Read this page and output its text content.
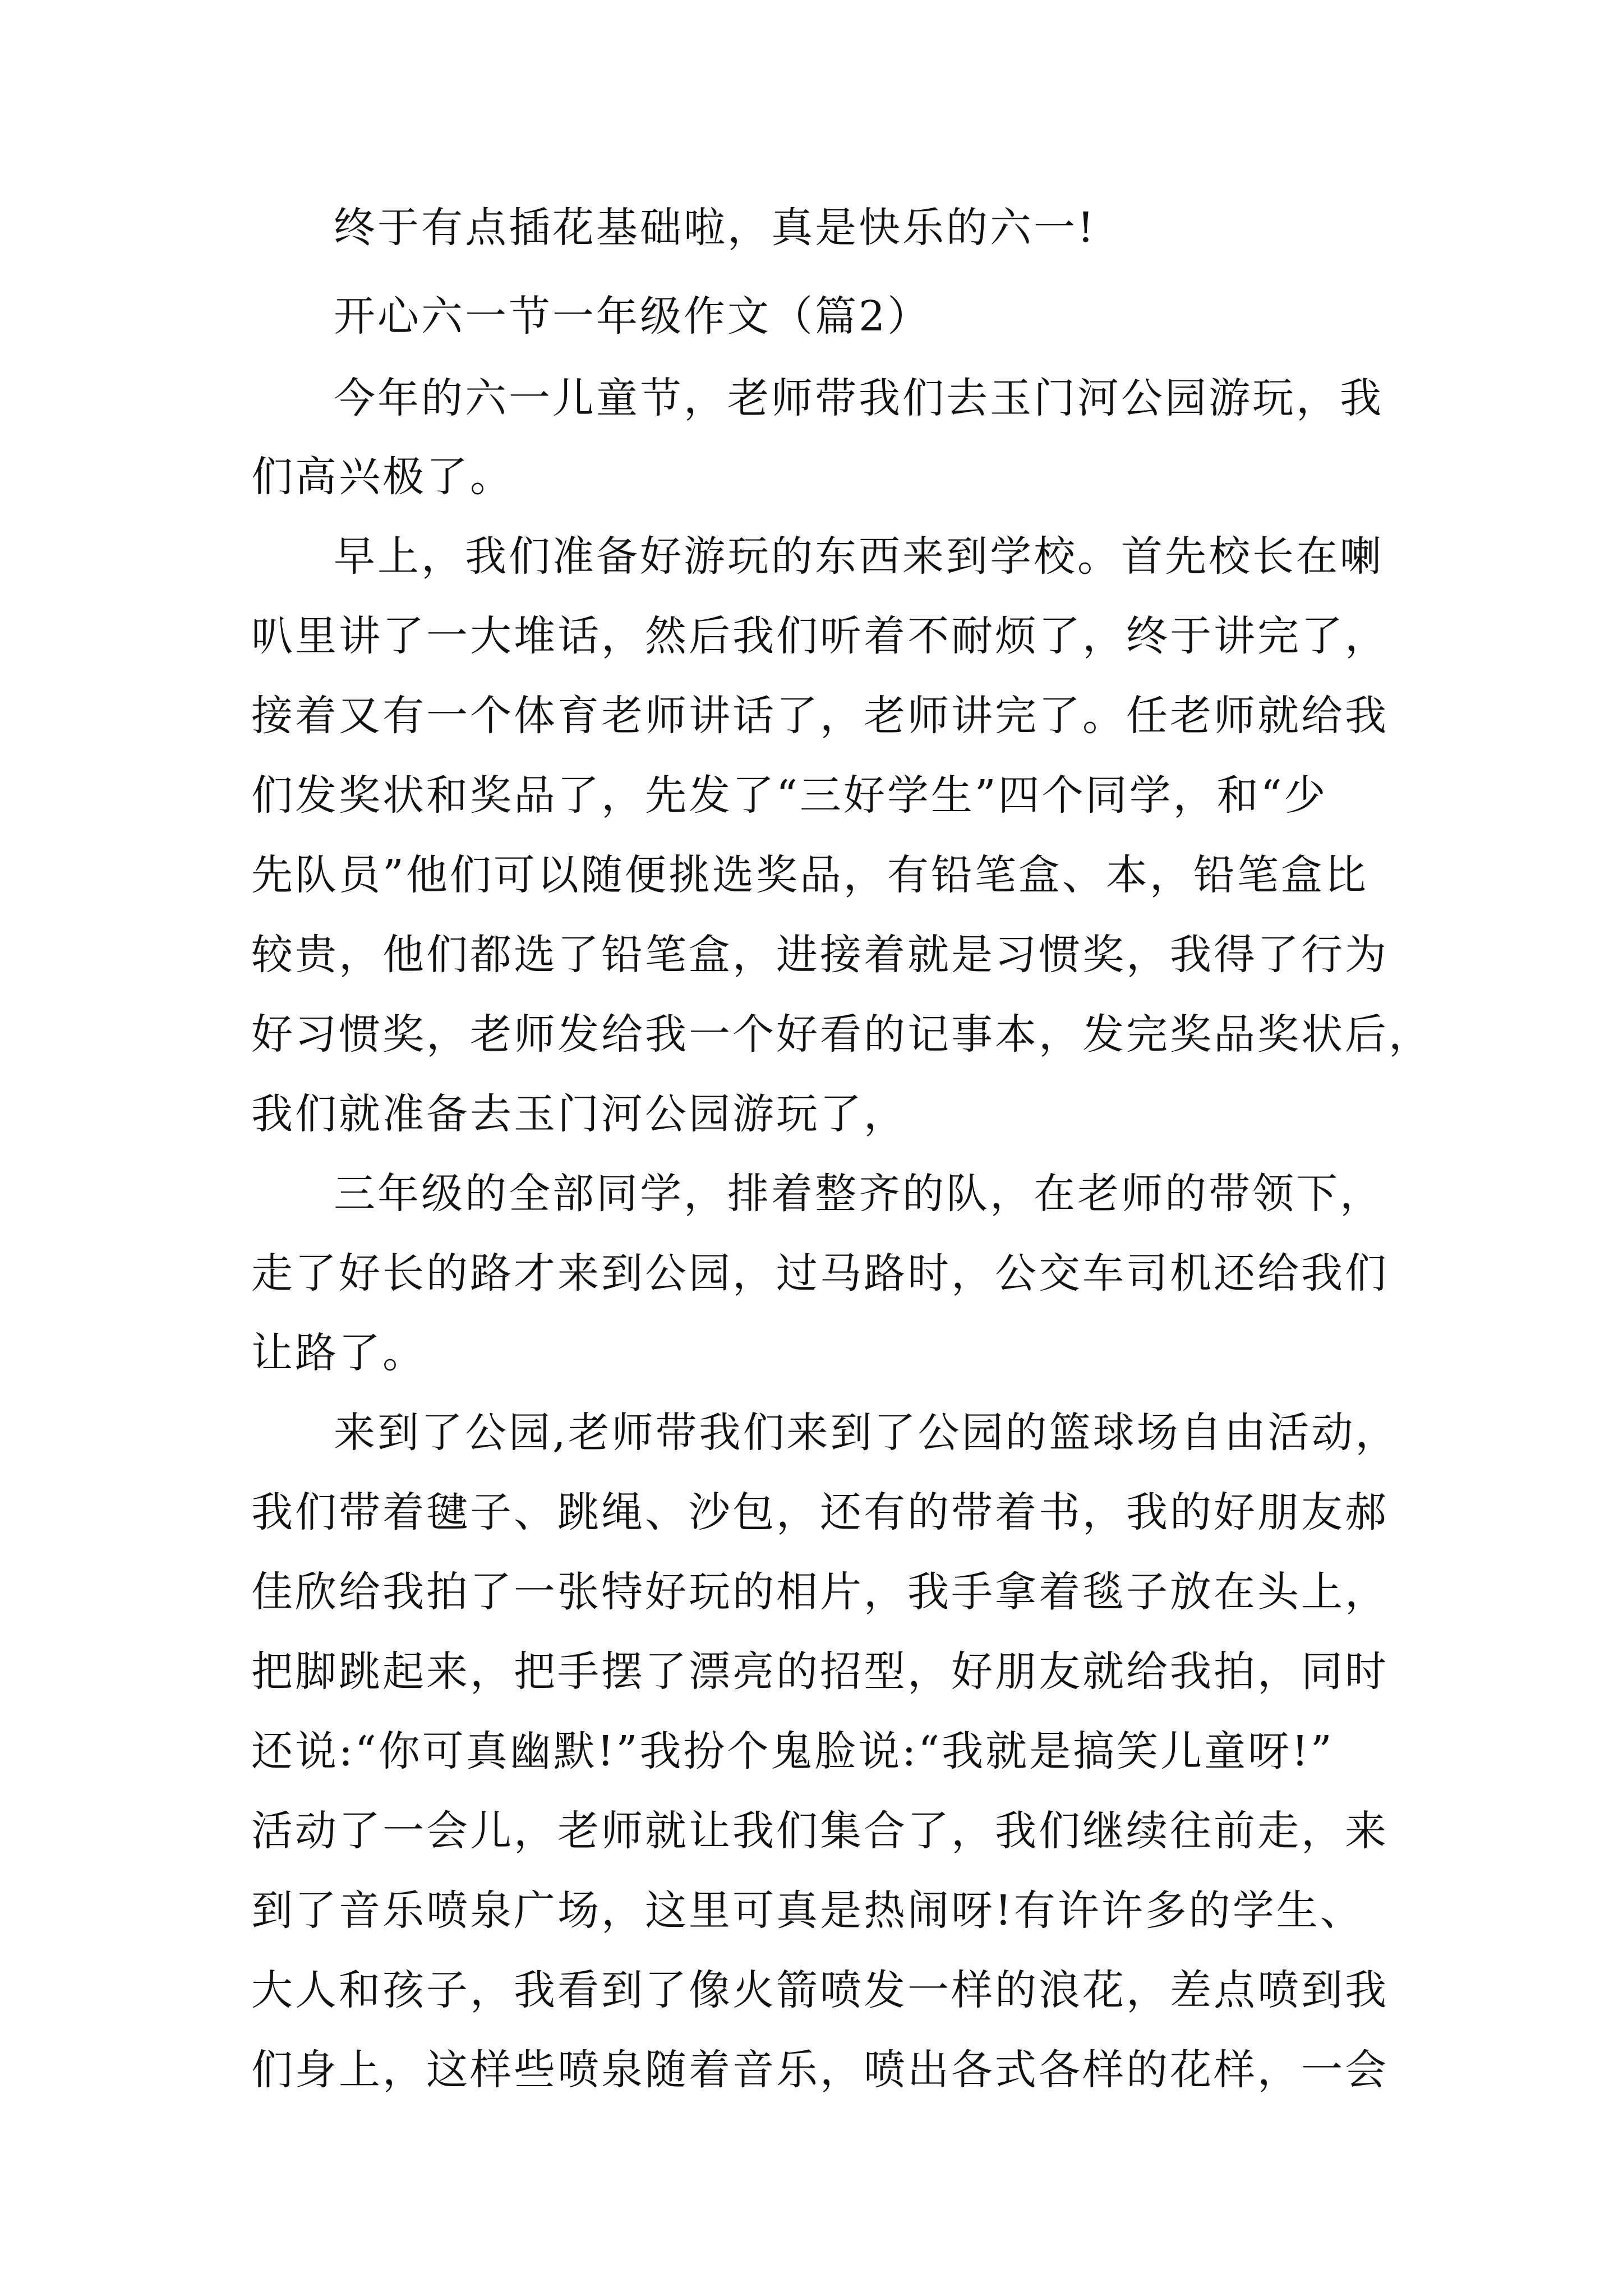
终于有点插花基础啦，真是快乐的六一!
开心六一节一年级作文（篇2）
今年的六一儿童节，老师带我们去玉门河公园游玩，我
们高兴极了。
早上，我们准备好游玩的东西来到学校。首先校长在喇
叭里讲了一大堆话，然后我们听着不耐烦了，终于讲完了，
接着又有一个体育老师讲话了，老师讲完了。任老师就给我
们发奖状和奖品了，先发了“三好学生”四个同学，和“少
先队员”他们可以随便挑选奖品，有铅笔盒、本，铅笔盒比
较贵，他们都选了铅笔盒，进接着就是习惯奖，我得了行为
好习惯奖，老师发给我一个好看的记事本，发完奖品奖状后，
我们就准备去玉门河公园游玩了，
三年级的全部同学，排着整齐的队，在老师的带领下，
走了好长的路才来到公园，过马路时，公交车司机还给我们
让路了。
来到了公园,老师带我们来到了公园的篮球场自由活动，
我们带着毽子、跳绳、沙包，还有的带着书，我的好朋友郝
佳欣给我拍了一张特好玩的相片，我手拿着毯子放在头上，
把脚跳起来，把手摆了漂亮的招型，好朋友就给我拍，同时
还说:“你可真幽默!”我扮个鬼脸说:“我就是搞笑儿童呀!”
活动了一会儿，老师就让我们集合了，我们继续往前走，来
到了音乐喷泉广场，这里可真是热闹呀!有许许多的学生、
大人和孩子，我看到了像火箭喷发一样的浪花，差点喷到我
们身上，这样些喷泉随着音乐，喷出各式各样的花样，一会
